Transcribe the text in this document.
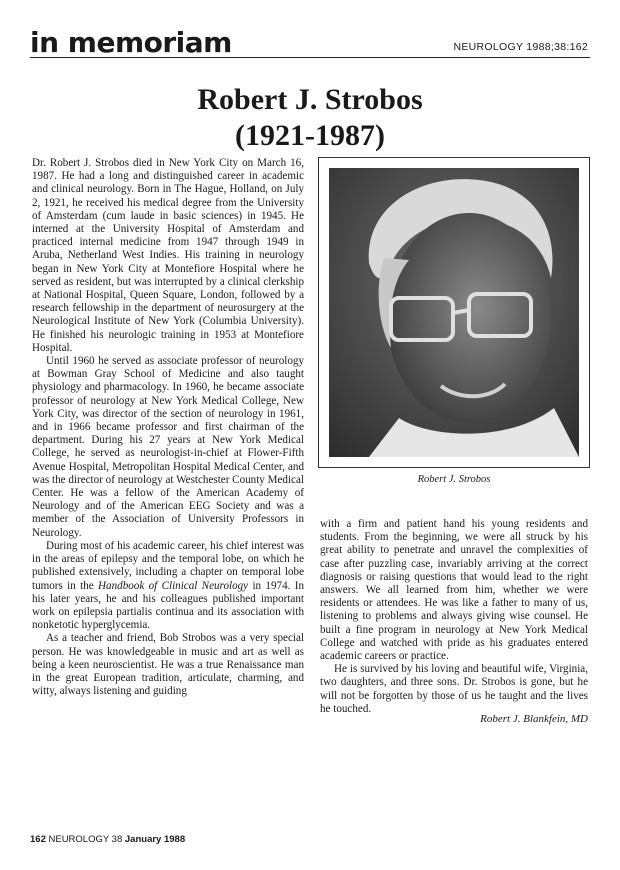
in memoriam	NEUROLOGY 1988;38:162
Robert J. Strobos
(1921-1987)

Dr. Robert J. Strobos died in New York City on March 16, 1987. He had a long and distinguished career in academic and clinical neurology. Born in The Hague, Holland, on July 2, 1921, he received his medical degree from the University of Amsterdam (cum laude in basic sciences) in 1945. He interned at the University Hospital of Amsterdam and practiced internal medicine from 1947 through 1949 in Aruba, Netherland West Indies. His training in neurology began in New York City at Montefiore Hospital where he served as resident, but was interrupted by a clinical clerkship at National Hospital, Queen Square, London, followed by a research fellowship in the department of neurosurgery at the Neurological Institute of New York (Columbia University). He finished his neurologic training in 1953 at Montefiore Hospital.

Until 1960 he served as associate professor of neurology at Bowman Gray School of Medicine and also taught physiology and pharmacology. In 1960, he became associate professor of neurology at New York Medical College, New York City, was director of the section of neurology in 1961, and in 1966 became professor and first chairman of the department. During his 27 years at New York Medical College, he served as neurologist-in-chief at Flower-Fifth Avenue Hospital, Metropolitan Hospital Medical Center, and was the director of neurology at Westchester County Medical Center. He was a fellow of the American Academy of Neurology and of the American EEG Society and was a member of the Association of University Professors in Neurology.

During most of his academic career, his chief interest was in the areas of epilepsy and the temporal lobe, on which he published extensively, including a chapter on temporal lobe tumors in the Handbook of Clinical Neurology in 1974. In his later years, he and his colleagues published important work on epilepsia partialis continua and its association with nonketotic hyperglycemia.

As a teacher and friend, Bob Strobos was a very special person. He was knowledgeable in music and art as well as being a keen neuroscientist. He was a true Renaissance man in the great European tradition, articulate, charming, and witty, always listening and guiding

Robert J. Strobos

with a firm and patient hand his young residents and students. From the beginning, we were all struck by his great ability to penetrate and unravel the complexities of case after puzzling case, invariably arriving at the correct diagnosis or raising questions that would lead to the right answers. We all learned from him, whether we were residents or attendees. He was like a father to many of us, listening to problems and always giving wise counsel. He built a fine program in neurology at New York Medical College and watched with pride as his graduates entered academic careers or practice.

He is survived by his loving and beautiful wife, Virginia, two daughters, and three sons. Dr. Strobos is gone, but he will not be forgotten by those of us he taught and the lives he touched.

Robert J. Blankfein, MD
162 NEUROLOGY 38 January 1988
